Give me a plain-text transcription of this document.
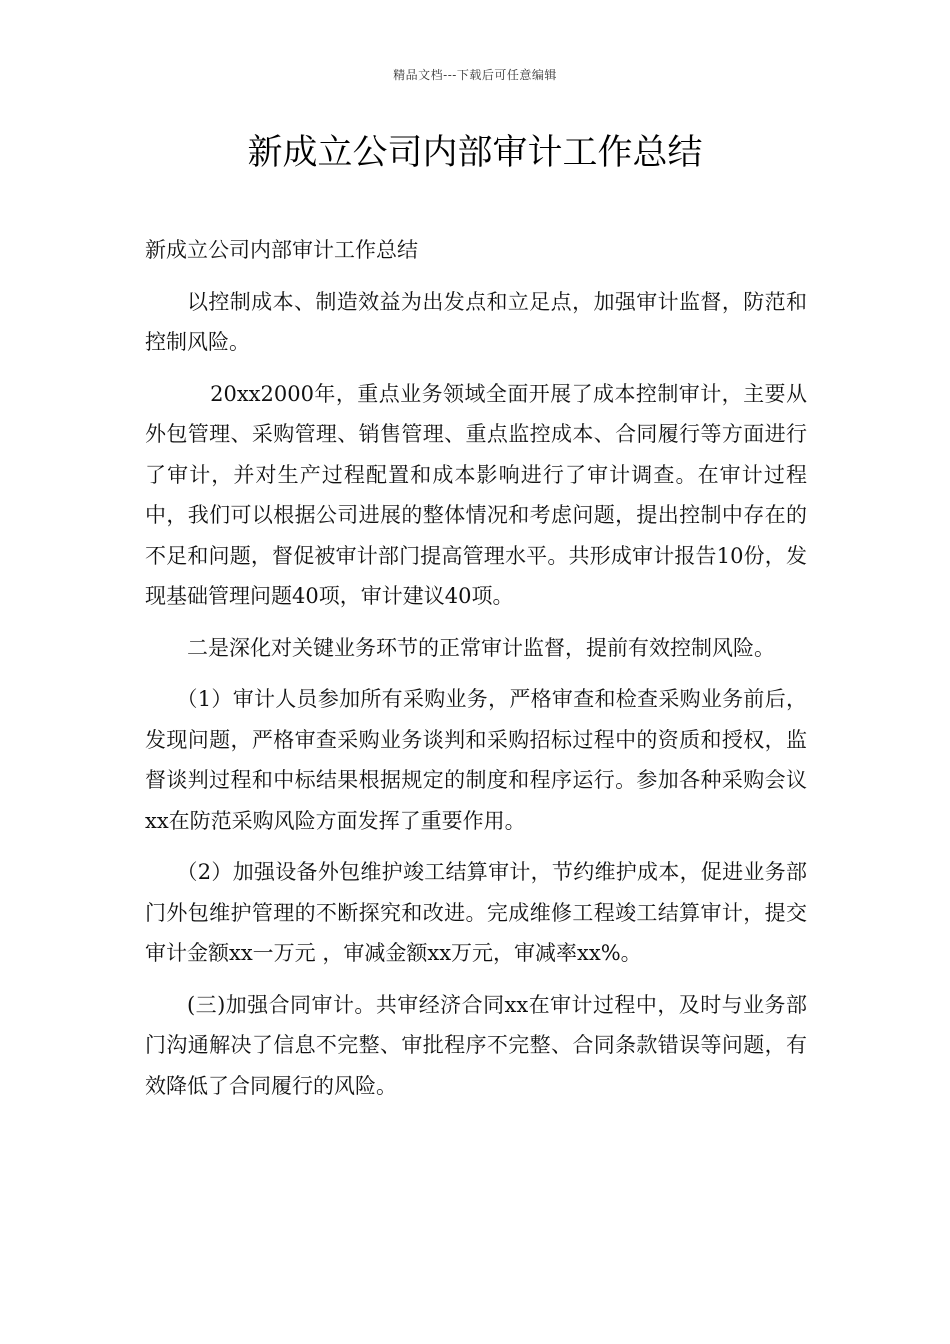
精品文档---下载后可任意编辑
新成立公司内部审计工作总结

新成立公司内部审计工作总结

以控制成本、制造效益为出发点和立足点，加强审计监督，防范和控制风险。

20xx2000年，重点业务领域全面开展了成本控制审计，主要从外包管理、采购管理、销售管理、重点监控成本、合同履行等方面进行了审计，并对生产过程配置和成本影响进行了审计调查。在审计过程中，我们可以根据公司进展的整体情况和考虑问题，提出控制中存在的不足和问题，督促被审计部门提高管理水平。共形成审计报告10份，发现基础管理问题40项，审计建议40项。

二是深化对关键业务环节的正常审计监督，提前有效控制风险。

（1）审计人员参加所有采购业务，严格审查和检查采购业务前后，发现问题，严格审查采购业务谈判和采购招标过程中的资质和授权，监督谈判过程和中标结果根据规定的制度和程序运行。参加各种采购会议xx在防范采购风险方面发挥了重要作用。

（2）加强设备外包维护竣工结算审计，节约维护成本，促进业务部门外包维护管理的不断探究和改进。完成维修工程竣工结算审计，提交审计金额xx一万元 ，审减金额xx万元，审减率xx%。

(三)加强合同审计。共审经济合同xx在审计过程中，及时与业务部门沟通解决了信息不完整、审批程序不完整、合同条款错误等问题，有效降低了合同履行的风险。
